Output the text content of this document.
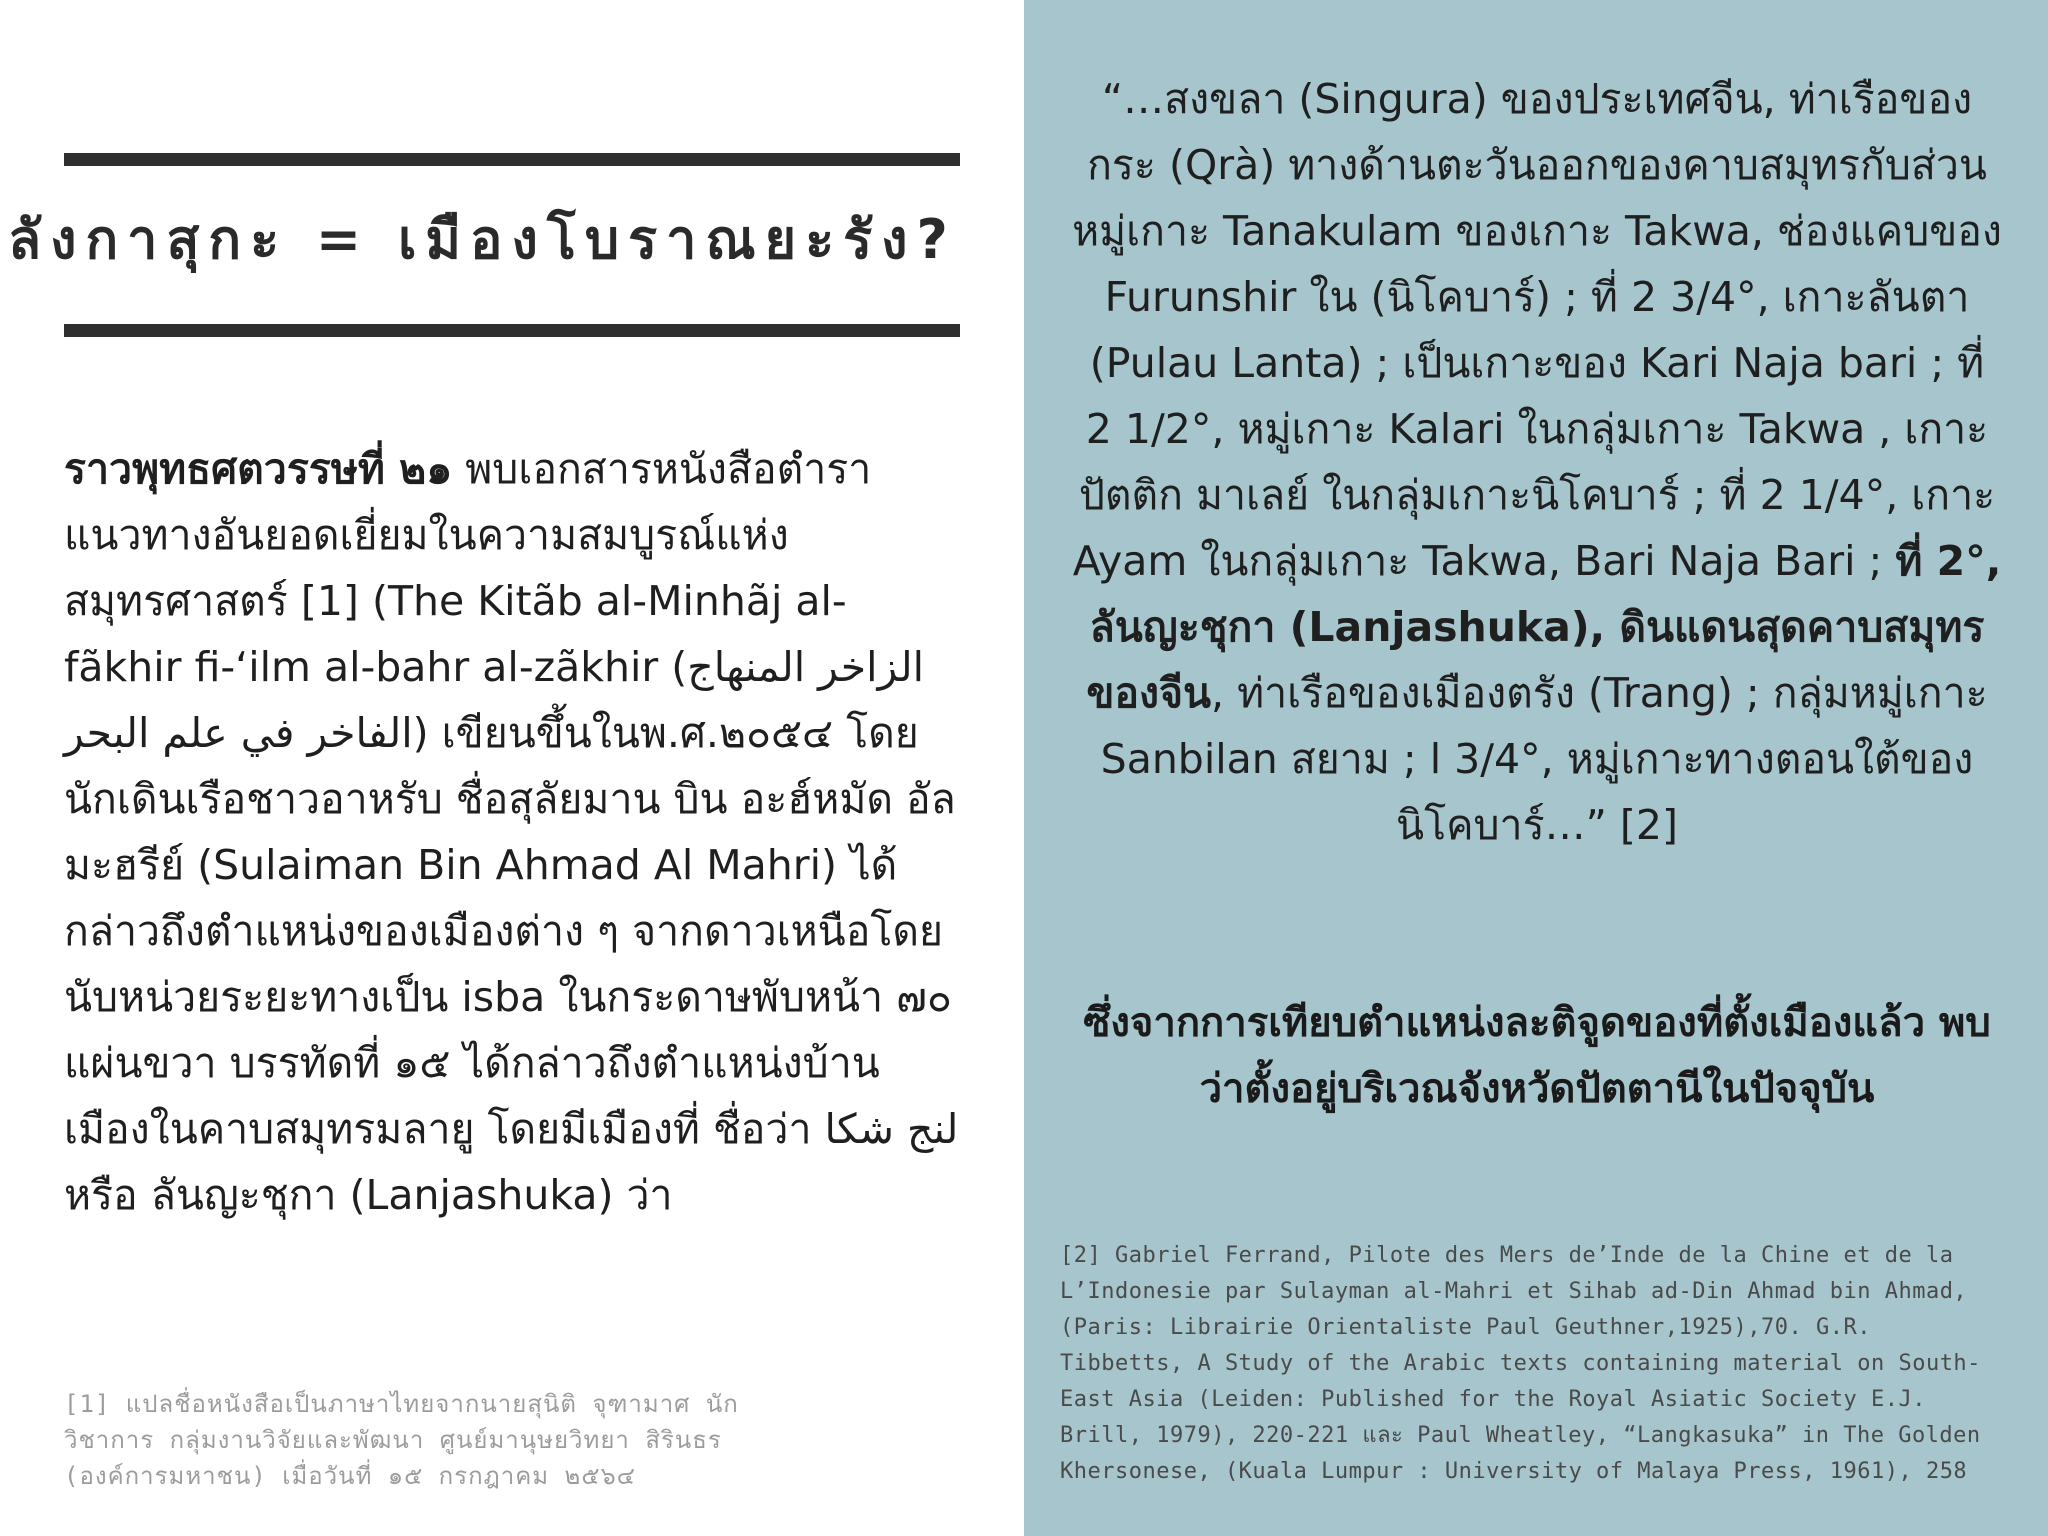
ลังกาสุกะ = เมืองโบราณยะรัง?

ราวพุทธศตวรรษที่ ๒๑ พบเอกสารหนังสือตำราแนวทางอันยอดเยี่ยมในความสมบูรณ์แห่งสมุทรศาสตร์ [1] (The Kitãb al-Minhãj al-fãkhir fi-‘ilm al-bahr al-zãkhir (الزاخر المنهاج الفاخر في علم البحر) เขียนขึ้นในพ.ศ.๒๐๕๔ โดยนักเดินเรือชาวอาหรับ ชื่อสุลัยมาน บิน อะฮ์หมัด อัลมะฮรีย์ (Sulaiman Bin Ahmad Al Mahri) ได้กล่าวถึงตำแหน่งของเมืองต่าง ๆ จากดาวเหนือโดยนับหน่วยระยะทางเป็น isba ในกระดาษพับหน้า ๗๐ แผ่นขวา บรรทัดที่ ๑๕ ได้กล่าวถึงตำแหน่งบ้านเมืองในคาบสมุทรมลายู โดยมีเมืองที่ ชื่อว่า لنج شكا หรือ ลันญะชุกา (Lanjashuka) ว่า

[1] แปลชื่อหนังสือเป็นภาษาไทยจากนายสุนิติ จุฑามาศ นักวิชาการ กลุ่มงานวิจัยและพัฒนา ศูนย์มานุษยวิทยา สิรินธร (องค์การมหาชน) เมื่อวันที่ ๑๕ กรกฎาคม ๒๕๖๔

“…สงขลา (Singura) ของประเทศจีน, ท่าเรือของกระ (Qrà) ทางด้านตะวันออกของคาบสมุทรกับส่วนหมู่เกาะ Tanakulam ของเกาะ Takwa, ช่องแคบของ Furunshir ใน (นิโคบาร์) ; ที่ 2 3/4°, เกาะลันตา (Pulau Lanta) ; เป็นเกาะของ Kari Naja bari ; ที่ 2 1/2°, หมู่เกาะ Kalari ในกลุ่มเกาะ Takwa , เกาะปัตติก มาเลย์ ในกลุ่มเกาะนิโคบาร์ ; ที่ 2 1/4°, เกาะ Ayam ในกลุ่มเกาะ Takwa, Bari Naja Bari ; ที่ 2°, ลันญะชุกา (Lanjashuka), ดินแดนสุดคาบสมุทรของจีน, ท่าเรือของเมืองตรัง (Trang) ; กลุ่มหมู่เกาะ Sanbilan สยาม ; l 3/4°, หมู่เกาะทางตอนใต้ของนิโคบาร์…” [2]

ซึ่งจากการเทียบตำแหน่งละติจูดของที่ตั้งเมืองแล้ว พบว่าตั้งอยู่บริเวณจังหวัดปัตตานีในปัจจุบัน

[2] Gabriel Ferrand, Pilote des Mers de’Inde de la Chine et de la L’Indonesie par Sulayman al-Mahri et Sihab ad-Din Ahmad bin Ahmad,(Paris: Librairie Orientaliste Paul Geuthner,1925),70. G.R. Tibbetts, A Study of the Arabic texts containing material on South-East Asia (Leiden: Published for the Royal Asiatic Society E.J. Brill, 1979), 220-221 และ Paul Wheatley, “Langkasuka” in The Golden Khersonese, (Kuala Lumpur : University of Malaya Press, 1961), 258
